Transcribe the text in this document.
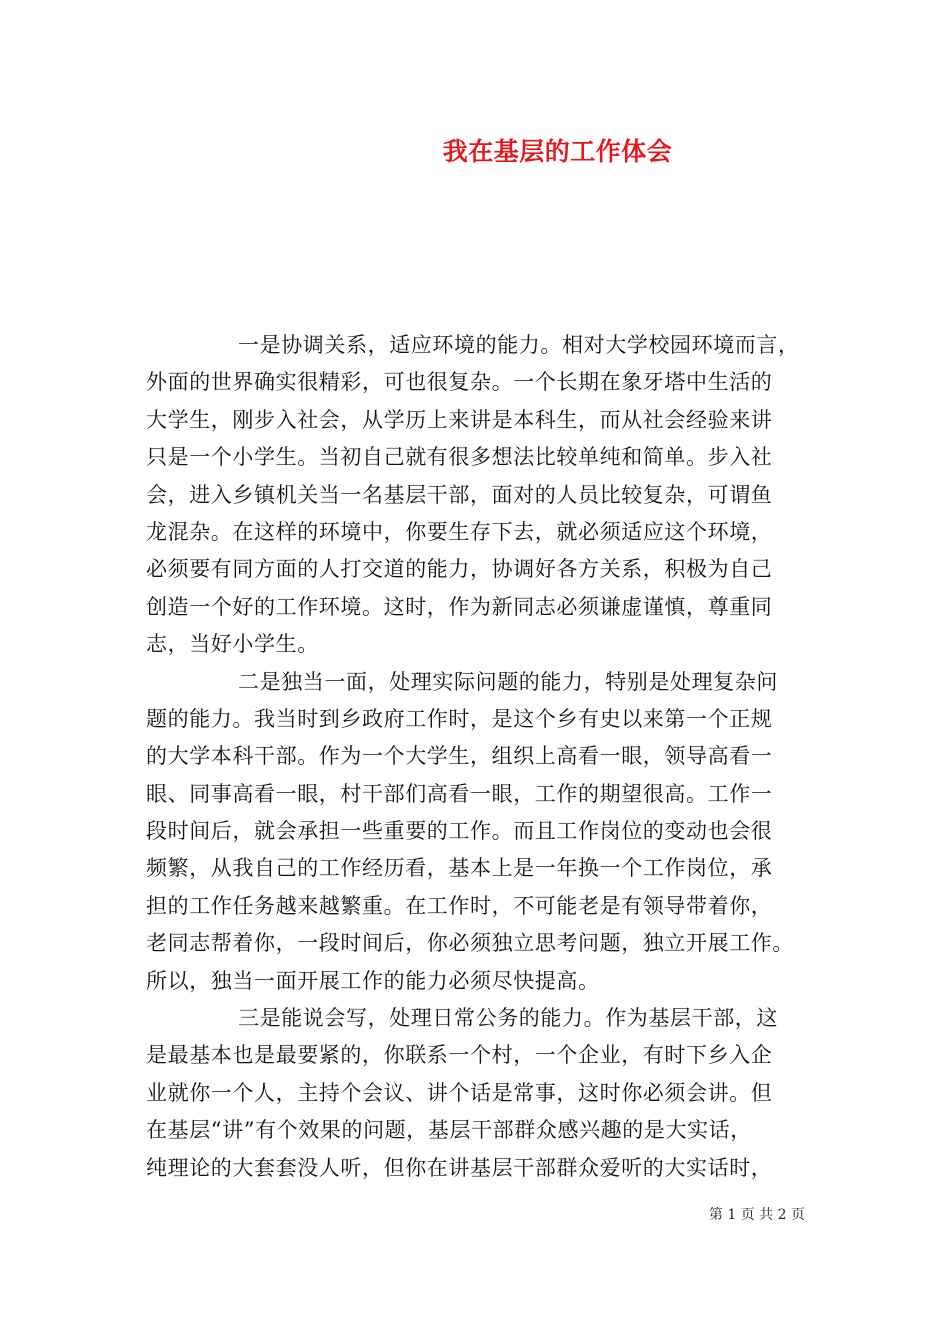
我在基层的工作体会
一是协调关系，适应环境的能力。相对大学校园环境而言，
外面的世界确实很精彩，可也很复杂。一个长期在象牙塔中生活的
大学生，刚步入社会，从学历上来讲是本科生，而从社会经验来讲
只是一个小学生。当初自己就有很多想法比较单纯和简单。步入社
会，进入乡镇机关当一名基层干部，面对的人员比较复杂，可谓鱼
龙混杂。在这样的环境中，你要生存下去，就必须适应这个环境，
必须要有同方面的人打交道的能力，协调好各方关系，积极为自己
创造一个好的工作环境。这时，作为新同志必须谦虚谨慎，尊重同
志，当好小学生。
二是独当一面，处理实际问题的能力，特别是处理复杂问
题的能力。我当时到乡政府工作时，是这个乡有史以来第一个正规
的大学本科干部。作为一个大学生，组织上高看一眼，领导高看一
眼、同事高看一眼，村干部们高看一眼，工作的期望很高。工作一
段时间后，就会承担一些重要的工作。而且工作岗位的变动也会很
频繁，从我自己的工作经历看，基本上是一年换一个工作岗位，承
担的工作任务越来越繁重。在工作时，不可能老是有领导带着你，
老同志帮着你，一段时间后，你必须独立思考问题，独立开展工作。
所以，独当一面开展工作的能力必须尽快提高。
三是能说会写，处理日常公务的能力。作为基层干部，这
是最基本也是最要紧的，你联系一个村，一个企业，有时下乡入企
业就你一个人，主持个会议、讲个话是常事，这时你必须会讲。但
在基层“讲”有个效果的问题，基层干部群众感兴趣的是大实话，
纯理论的大套套没人听，但你在讲基层干部群众爱听的大实话时，
第 1 页 共 2 页
